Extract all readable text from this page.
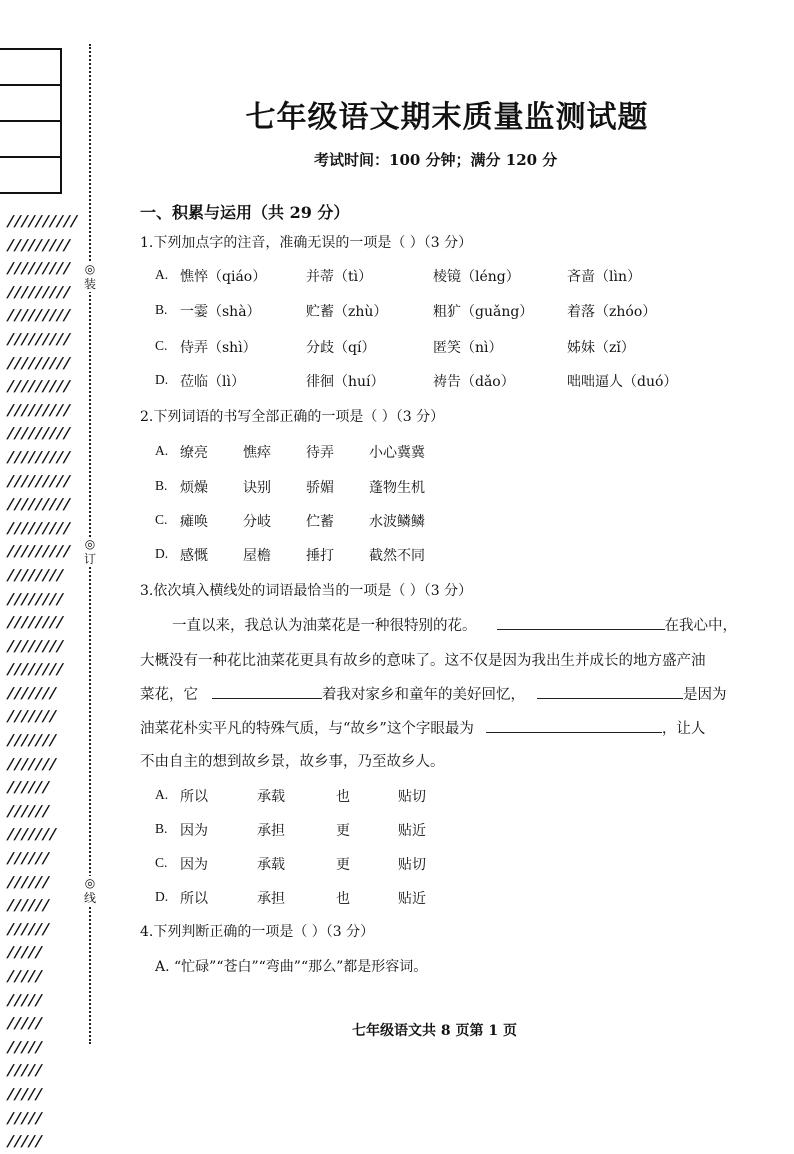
//////////
/////////
/////////
/////////
/////////
/////////
/////////
/////////
/////////
/////////
/////////
/////////
/////////
/////////
/////////
////////
////////
////////
////////
////////
///////
///////
///////
///////
//////
//////
///////
//////
//////
//////
//////
/////
/////
/////
/////
/////
/////
/////
/////
/////
◎装
◎订
◎线
七年级语文期末质量监测试题
考试时间：100 分钟；满分 120 分
一、积累与运用（共 29 分）
1.下列加点字的注音，准确无误的一项是（ ）（3 分）
A. 憔悴（qiáo）	并蒂（tì）	棱镜（léng）	吝啬（lìn）
B. 一霎（shà）	贮蓄（zhù）	粗犷（guǎng） 着落（zhóo）
C. 侍弄（shì）	分歧（qí）	匿笑（nì）	姊妹（zǐ）
D. 莅临（lì）	徘徊（huí）	祷告（dǎo）	咄咄逼人（duó）
2.下列词语的书写全部正确的一项是（ ）（3 分）
A. 缭亮	憔瘁	待弄	小心冀冀
B. 烦燥	诀别	骄媚	蓬物生机
C. 瘫唤	分岐	伫蓄	水波鳞鳞
D. 感慨	屋檐	捶打	截然不同
3.依次填入横线处的词语最恰当的一项是（ ）（3 分）
一直以来，我总认为油菜花是一种很特别的花。	在我心中，
大概没有一种花比油菜花更具有故乡的意味了。这不仅是因为我出生并成长的地方盛产油
菜花，它	着我对家乡和童年的美好回忆，	是因为
油菜花朴实平凡的特殊气质，与“故乡”这个字眼最为	，让人
不由自主的想到故乡景，故乡事，乃至故乡人。
A. 所以	承载	也	贴切
B. 因为	承担	更	贴近
C. 因为	承载	更	贴切
D. 所以	承担	也	贴近
4.下列判断正确的一项是（ ）（3 分）
A. “忙碌”“苍白”“弯曲”“那么”都是形容词。
七年级语文共 8 页第 1 页
